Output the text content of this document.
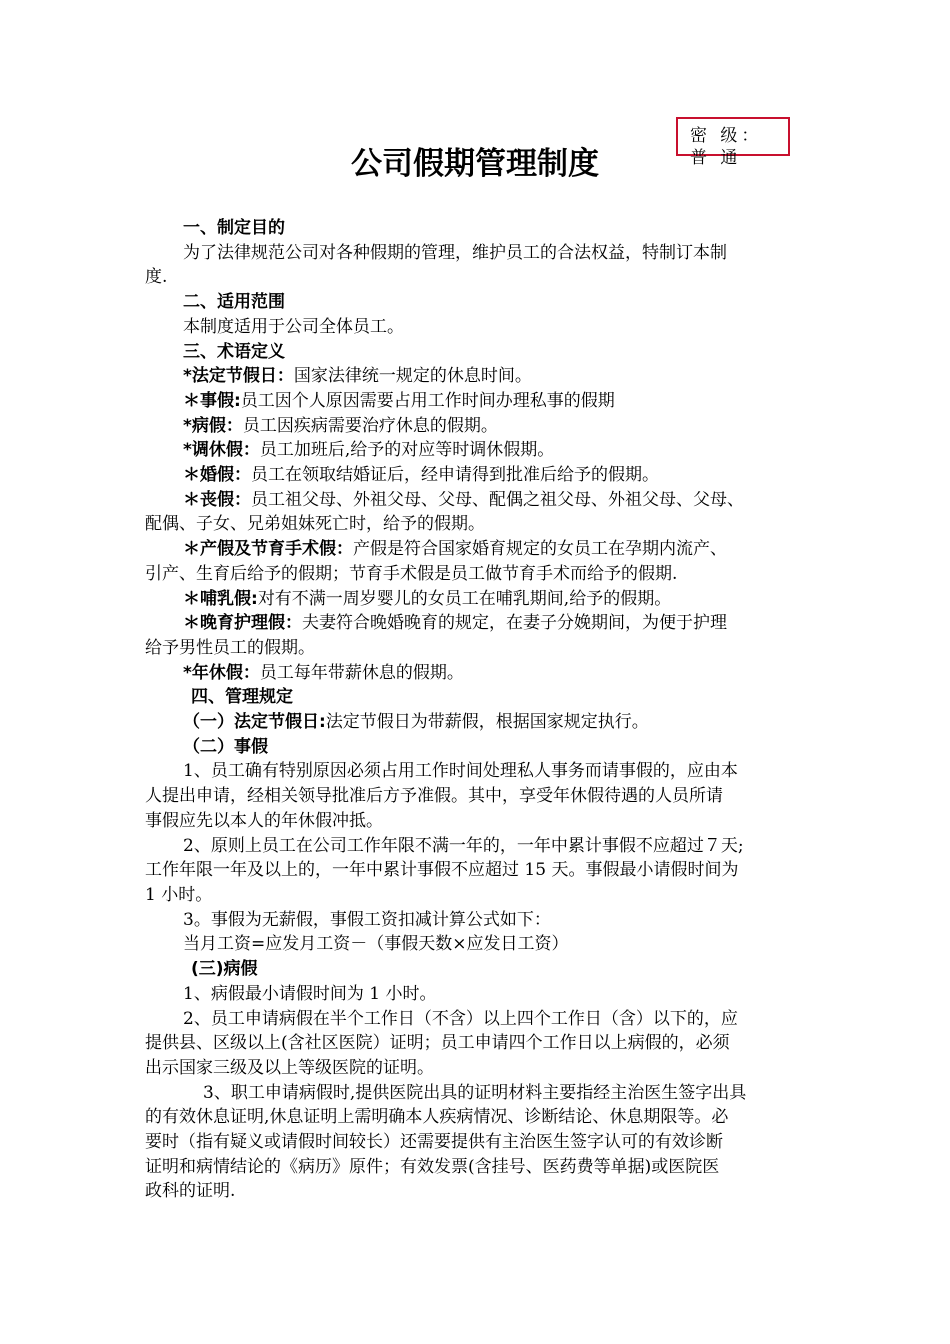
密 级：普 通
公司假期管理制度
一、制定目的
为了法律规范公司对各种假期的管理，维护员工的合法权益，特制订本制
度.
二、适用范围
本制度适用于公司全体员工。
三、术语定义
*法定节假日：国家法律统一规定的休息时间。
＊事假:员工因个人原因需要占用工作时间办理私事的假期
*病假：员工因疾病需要治疗休息的假期。
*调休假：员工加班后,给予的对应等时调休假期。
＊婚假：员工在领取结婚证后，经申请得到批准后给予的假期。
＊丧假：员工祖父母、外祖父母、父母、配偶之祖父母、外祖父母、父母、
配偶、子女、兄弟姐妹死亡时，给予的假期。
＊产假及节育手术假：产假是符合国家婚育规定的女员工在孕期内流产、
引产、生育后给予的假期；节育手术假是员工做节育手术而给予的假期.
＊哺乳假:对有不满一周岁婴儿的女员工在哺乳期间,给予的假期。
＊晚育护理假：夫妻符合晚婚晚育的规定，在妻子分娩期间，为便于护理
给予男性员工的假期。
*年休假：员工每年带薪休息的假期。
四、管理规定
（一）法定节假日:法定节假日为带薪假，根据国家规定执行。
（二）事假
1、员工确有特别原因必须占用工作时间处理私人事务而请事假的，应由本
人提出申请，经相关领导批准后方予准假。其中，享受年休假待遇的人员所请
事假应先以本人的年休假冲抵。
2、原则上员工在公司工作年限不满一年的，一年中累计事假不应超过７天;
工作年限一年及以上的，一年中累计事假不应超过 15 天。事假最小请假时间为
1 小时。
3。事假为无薪假，事假工资扣减计算公式如下：
当月工资=应发月工资－（事假天数×应发日工资）
(三)病假
1、病假最小请假时间为 1 小时。
2、员工申请病假在半个工作日（不含）以上四个工作日（含）以下的，应
提供县、区级以上(含社区医院）证明；员工申请四个工作日以上病假的，必须
出示国家三级及以上等级医院的证明。
3、职工申请病假时,提供医院出具的证明材料主要指经主治医生签字出具
的有效休息证明,休息证明上需明确本人疾病情况、诊断结论、休息期限等。必
要时（指有疑义或请假时间较长）还需要提供有主治医生签字认可的有效诊断
证明和病情结论的《病历》原件；有效发票(含挂号、医药费等单据)或医院医
政科的证明.
